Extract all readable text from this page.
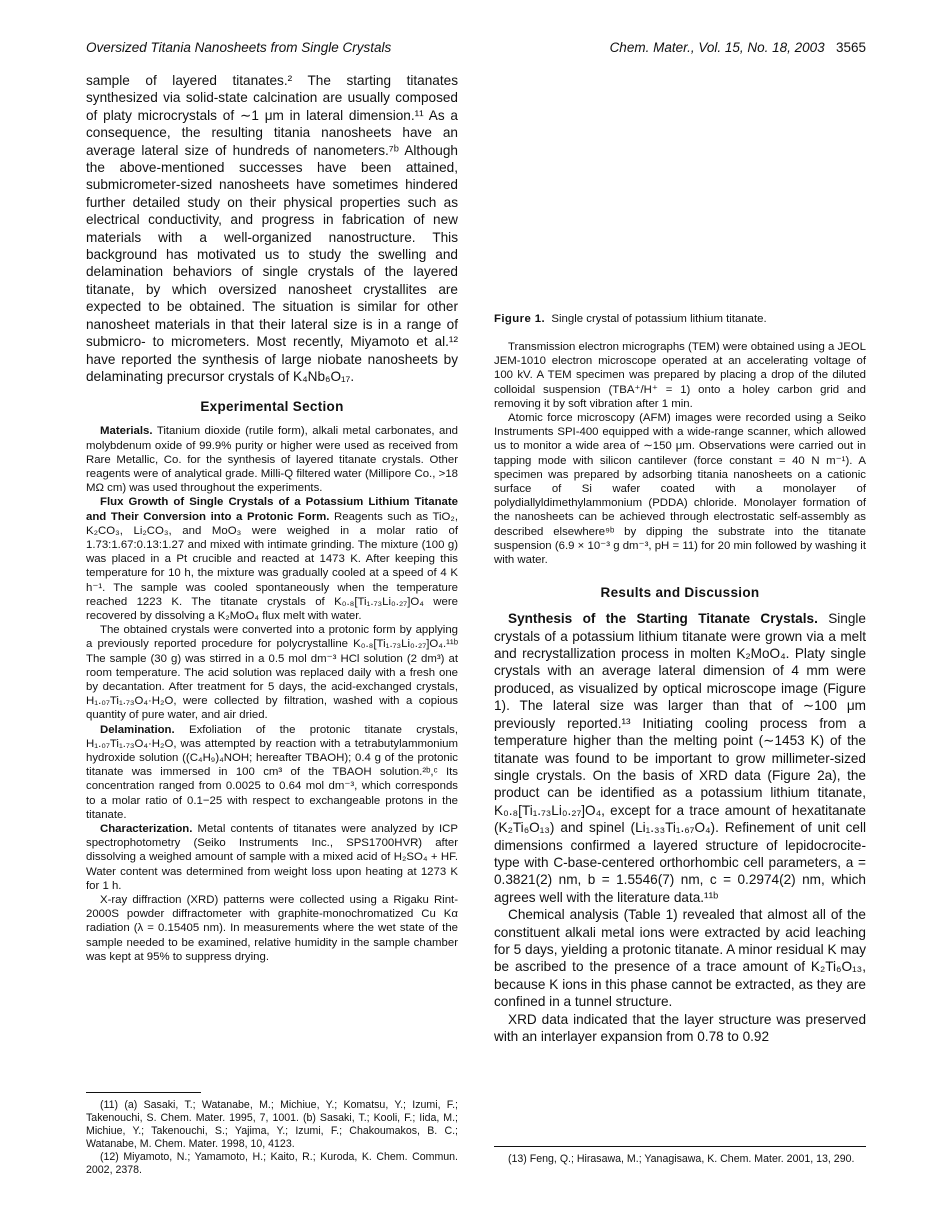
Oversized Titania Nanosheets from Single Crystals	Chem. Mater., Vol. 15, No. 18, 2003 3565

sample of layered titanates.² The starting titanates synthesized via solid-state calcination are usually composed of platy microcrystals of ∼1 μm in lateral dimension.¹¹ As a consequence, the resulting titania nanosheets have an average lateral size of hundreds of nanometers.⁷ᵇ Although the above-mentioned successes have been attained, submicrometer-sized nanosheets have sometimes hindered further detailed study on their physical properties such as electrical conductivity, and progress in fabrication of new materials with a well-organized nanostructure. This background has motivated us to study the swelling and delamination behaviors of single crystals of the layered titanate, by which oversized nanosheet crystallites are expected to be obtained. The situation is similar for other nanosheet materials in that their lateral size is in a range of submicro- to micrometers. Most recently, Miyamoto et al.¹² have reported the synthesis of large niobate nanosheets by delaminating precursor crystals of K₄Nb₆O₁₇.

Experimental Section

Materials. Titanium dioxide (rutile form), alkali metal carbonates, and molybdenum oxide of 99.9% purity or higher were used as received from Rare Metallic, Co. for the synthesis of layered titanate crystals. Other reagents were of analytical grade. Milli-Q filtered water (Millipore Co., >18 MΩ cm) was used throughout the experiments.

Flux Growth of Single Crystals of a Potassium Lithium Titanate and Their Conversion into a Protonic Form. Reagents such as TiO₂, K₂CO₃, Li₂CO₃, and MoO₃ were weighed in a molar ratio of 1.73:1.67:0.13:1.27 and mixed with intimate grinding. The mixture (100 g) was placed in a Pt crucible and reacted at 1473 K. After keeping this temperature for 10 h, the mixture was gradually cooled at a speed of 4 K h⁻¹. The sample was cooled spontaneously when the temperature reached 1223 K. The titanate crystals of K₀.₈[Ti₁.₇₃Li₀.₂₇]O₄ were recovered by dissolving a K₂MoO₄ flux melt with water.

The obtained crystals were converted into a protonic form by applying a previously reported procedure for polycrystalline K₀.₈[Ti₁.₇₃Li₀.₂₇]O₄.¹¹ᵇ The sample (30 g) was stirred in a 0.5 mol dm⁻³ HCl solution (2 dm³) at room temperature. The acid solution was replaced daily with a fresh one by decantation. After treatment for 5 days, the acid-exchanged crystals, H₁.₀₇Ti₁.₇₃O₄·H₂O, were collected by filtration, washed with a copious quantity of pure water, and air dried.

Delamination. Exfoliation of the protonic titanate crystals, H₁.₀₇Ti₁.₇₃O₄·H₂O, was attempted by reaction with a tetrabutylammonium hydroxide solution ((C₄H₉)₄NOH; hereafter TBAOH); 0.4 g of the protonic titanate was immersed in 100 cm³ of the TBAOH solution.²ᵇ,ᶜ Its concentration ranged from 0.0025 to 0.64 mol dm⁻³, which corresponds to a molar ratio of 0.1−25 with respect to exchangeable protons in the titanate.

Characterization. Metal contents of titanates were analyzed by ICP spectrophotometry (Seiko Instruments Inc., SPS1700HVR) after dissolving a weighed amount of sample with a mixed acid of H₂SO₄ + HF. Water content was determined from weight loss upon heating at 1273 K for 1 h.

X-ray diffraction (XRD) patterns were collected using a Rigaku Rint-2000S powder diffractometer with graphite-monochromatized Cu Kα radiation (λ = 0.15405 nm). In measurements where the wet state of the sample needed to be examined, relative humidity in the sample chamber was kept at 95% to suppress drying.

Figure 1. Single crystal of potassium lithium titanate.

Transmission electron micrographs (TEM) were obtained using a JEOL JEM-1010 electron microscope operated at an accelerating voltage of 100 kV. A TEM specimen was prepared by placing a drop of the diluted colloidal suspension (TBA⁺/H⁺ = 1) onto a holey carbon grid and removing it by soft vibration after 1 min.

Atomic force microscopy (AFM) images were recorded using a Seiko Instruments SPI-400 equipped with a wide-range scanner, which allowed us to monitor a wide area of ∼150 μm. Observations were carried out in tapping mode with silicon cantilever (force constant = 40 N m⁻¹). A specimen was prepared by adsorbing titania nanosheets on a cationic surface of Si wafer coated with a monolayer of polydiallyldimethylammonium (PDDA) chloride. Monolayer formation of the nanosheets can be achieved through electrostatic self-assembly as described elsewhere⁹ᵇ by dipping the substrate into the titanate suspension (6.9 × 10⁻³ g dm⁻³, pH = 11) for 20 min followed by washing it with water.

Results and Discussion

Synthesis of the Starting Titanate Crystals. Single crystals of a potassium lithium titanate were grown via a melt and recrystallization process in molten K₂MoO₄. Platy single crystals with an average lateral dimension of 4 mm were produced, as visualized by optical microscope image (Figure 1). The lateral size was larger than that of ∼100 μm previously reported.¹³ Initiating cooling process from a temperature higher than the melting point (∼1453 K) of the titanate was found to be important to grow millimeter-sized single crystals. On the basis of XRD data (Figure 2a), the product can be identified as a potassium lithium titanate, K₀.₈[Ti₁.₇₃Li₀.₂₇]O₄, except for a trace amount of hexatitanate (K₂Ti₆O₁₃) and spinel (Li₁.₃₃Ti₁.₆₇O₄). Refinement of unit cell dimensions confirmed a layered structure of lepidocrocite-type with C-base-centered orthorhombic cell parameters, a = 0.3821(2) nm, b = 1.5546(7) nm, c = 0.2974(2) nm, which agrees well with the literature data.¹¹ᵇ

Chemical analysis (Table 1) revealed that almost all of the constituent alkali metal ions were extracted by acid leaching for 5 days, yielding a protonic titanate. A minor residual K may be ascribed to the presence of a trace amount of K₂Ti₆O₁₃, because K ions in this phase cannot be extracted, as they are confined in a tunnel structure.

XRD data indicated that the layer structure was preserved with an interlayer expansion from 0.78 to 0.92

(11) (a) Sasaki, T.; Watanabe, M.; Michiue, Y.; Komatsu, Y.; Izumi, F.; Takenouchi, S. Chem. Mater. 1995, 7, 1001. (b) Sasaki, T.; Kooli, F.; Iida, M.; Michiue, Y.; Takenouchi, S.; Yajima, Y.; Izumi, F.; Chakoumakos, B. C.; Watanabe, M. Chem. Mater. 1998, 10, 4123.
(12) Miyamoto, N.; Yamamoto, H.; Kaito, R.; Kuroda, K. Chem. Commun. 2002, 2378.
(13) Feng, Q.; Hirasawa, M.; Yanagisawa, K. Chem. Mater. 2001, 13, 290.
